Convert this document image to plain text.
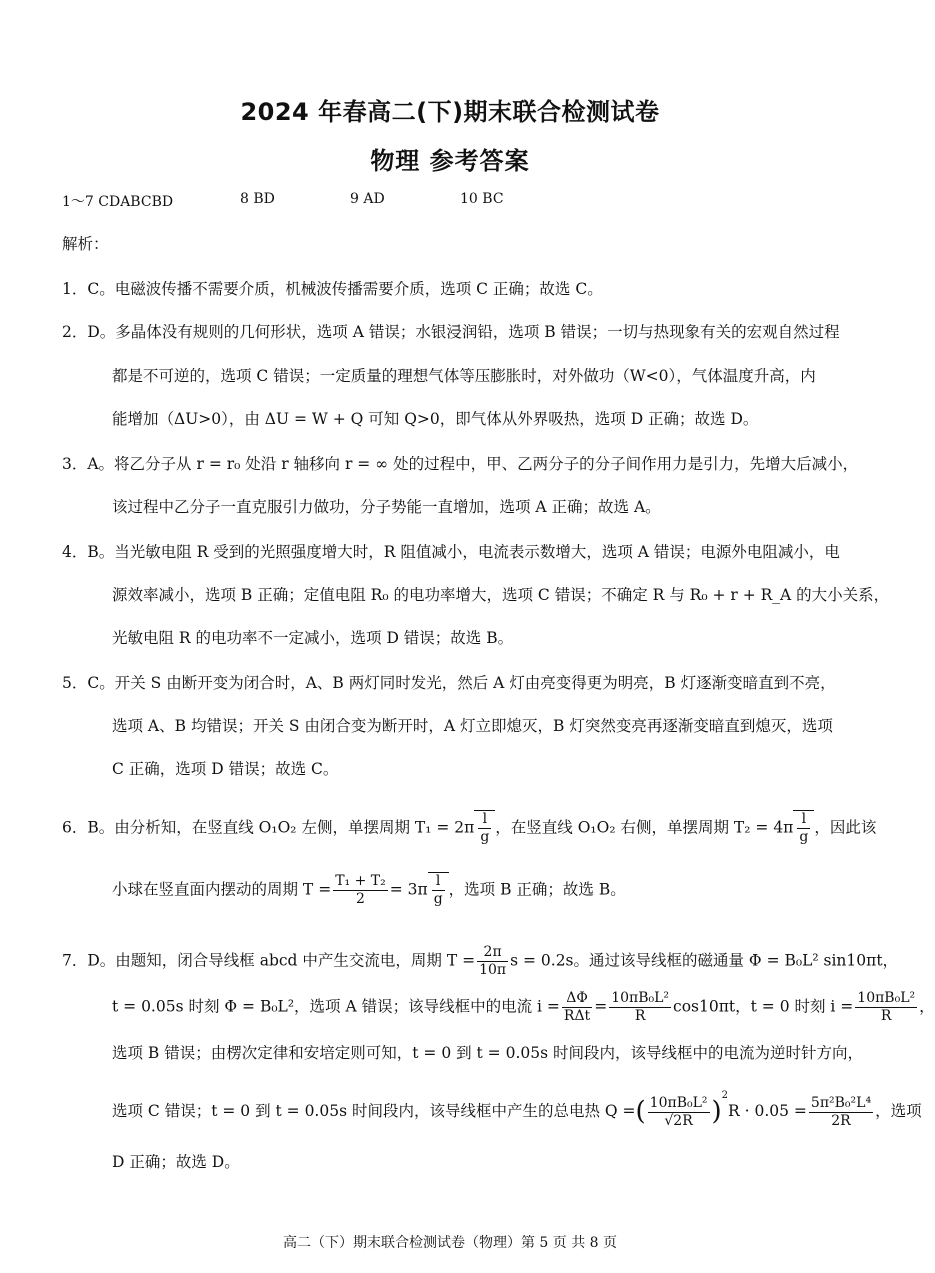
2024 年春高二(下)期末联合检测试卷
物理 参考答案
1～7 CDABCBD	8 BD	9 AD	10 BC
解析：
1．C。电磁波传播不需要介质，机械波传播需要介质，选项 C 正确；故选 C。
2．D。多晶体没有规则的几何形状，选项 A 错误；水银浸润铅，选项 B 错误；一切与热现象有关的宏观自然过程
都是不可逆的，选项 C 错误；一定质量的理想气体等压膨胀时，对外做功（W<0），气体温度升高，内
能增加（ΔU>0），由 ΔU = W + Q 可知 Q>0，即气体从外界吸热，选项 D 正确；故选 D。
3．A。将乙分子从 r = r₀ 处沿 r 轴移向 r = ∞ 处的过程中，甲、乙两分子的分子间作用力是引力，先增大后减小，
该过程中乙分子一直克服引力做功，分子势能一直增加，选项 A 正确；故选 A。
4．B。当光敏电阻 R 受到的光照强度增大时，R 阻值减小，电流表示数增大，选项 A 错误；电源外电阻减小，电
源效率减小，选项 B 正确；定值电阻 R₀ 的电功率增大，选项 C 错误；不确定 R 与 R₀ + r + R_A 的大小关系，
光敏电阻 R 的电功率不一定减小，选项 D 错误；故选 B。
5．C。开关 S 由断开变为闭合时，A、B 两灯同时发光，然后 A 灯由亮变得更为明亮，B 灯逐渐变暗直到不亮，
选项 A、B 均错误；开关 S 由闭合变为断开时，A 灯立即熄灭，B 灯突然变亮再逐渐变暗直到熄灭，选项
C 正确，选项 D 错误；故选 C。
6．B。由分析知，在竖直线 O₁O₂ 左侧，单摆周期 $T_1 = 2\pi \frac{l}{g}$ ，在竖直线 O₁O₂ 右侧，单摆周期 $T_2 = 4\pi \frac{l}{g}$ ，因此该
小球在竖直面内摆动的周期 $T = \frac{\text{T₁ + T₂}}{2} = 3\pi \frac{l}{g}$ ，选项 B 正确；故选 B。
7．D。由题知，闭合导线框 abcd 中产生交流电，周期 $T = \frac{2\pi}{10\pi}$ s = 0.2s。通过该导线框的磁通量 Φ = B₀L² sin10πt，
t = 0.05s 时刻 Φ = B₀L²，选项 A 错误；该导线框中的电流 $i = \frac{\Delta\Phi}{\text{RΔt}} = \frac{\text{10πB₀L²}}{R} \cos 10\pi t$，t = 0 时刻 $i = \frac{\text{10πB₀L²}}{R}$ ，
选项 B 错误；由楞次定律和安培定则可知，t = 0 到 t = 0.05s 时间段内，该导线框中的电流为逆时针方向，
选项 C 错误；t = 0 到 t = 0.05s 时间段内，该导线框中产生的总电热 Q =( $\frac{\text{10πB₀L²}}{√2R} )^2R \cdot 0.05 = \frac{\text{5π²B₀²L⁴}}{2R}$ ，选项
D 正确；故选 D。
高二（下）期末联合检测试卷（物理）第 5 页 共 8 页
